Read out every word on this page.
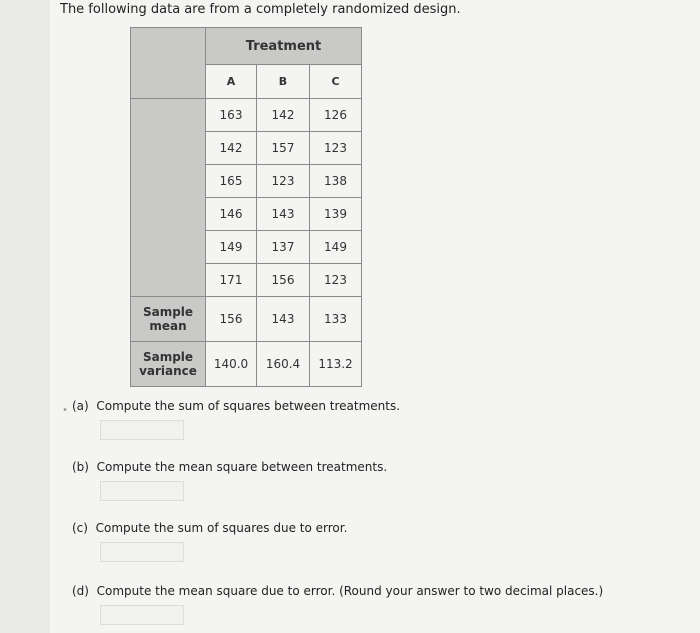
The following data are from a completely randomized design.
	Treatment		
	A	B	C
	163	142	126
	142	157	123
	165	123	138
	146	143	139
	149	137	149
	171	156	123
Sample
mean	156	143	133
Sample
variance	140.0	160.4	113.2
• (a) Compute the sum of squares between treatments.
(b) Compute the mean square between treatments.
(c) Compute the sum of squares due to error.
(d) Compute the mean square due to error. (Round your answer to two decimal places.)
